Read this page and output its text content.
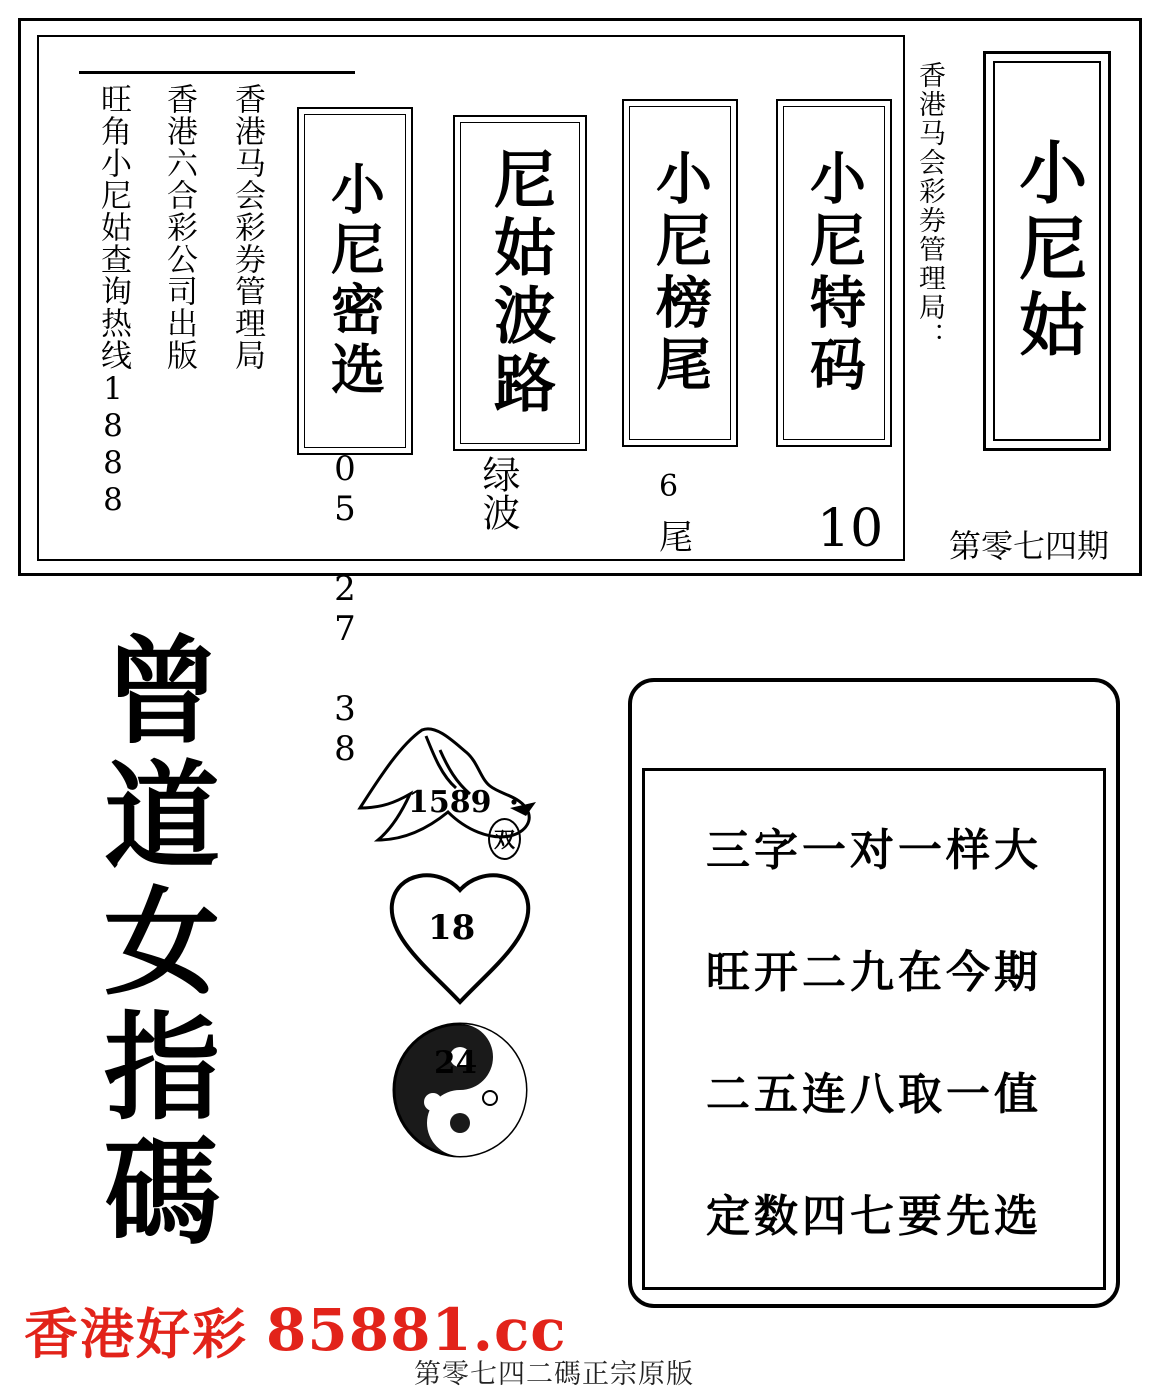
旺角小尼姑查询热线1888 香港六合彩公司出版 香港马会彩券管理局 小尼密选 尼姑波路 小尼榜尾 小尼特码
05 27 38	绿波	6
尾 10
香港马会彩券管理局： 小尼姑
第零七四期
曾
道
女
指
碼
1589
双
18
24
三字一对一样大
旺开二九在今期
二五连八取一值
定数四七要先选
香港好彩 85881.cc
第零七四二碼正宗原版
